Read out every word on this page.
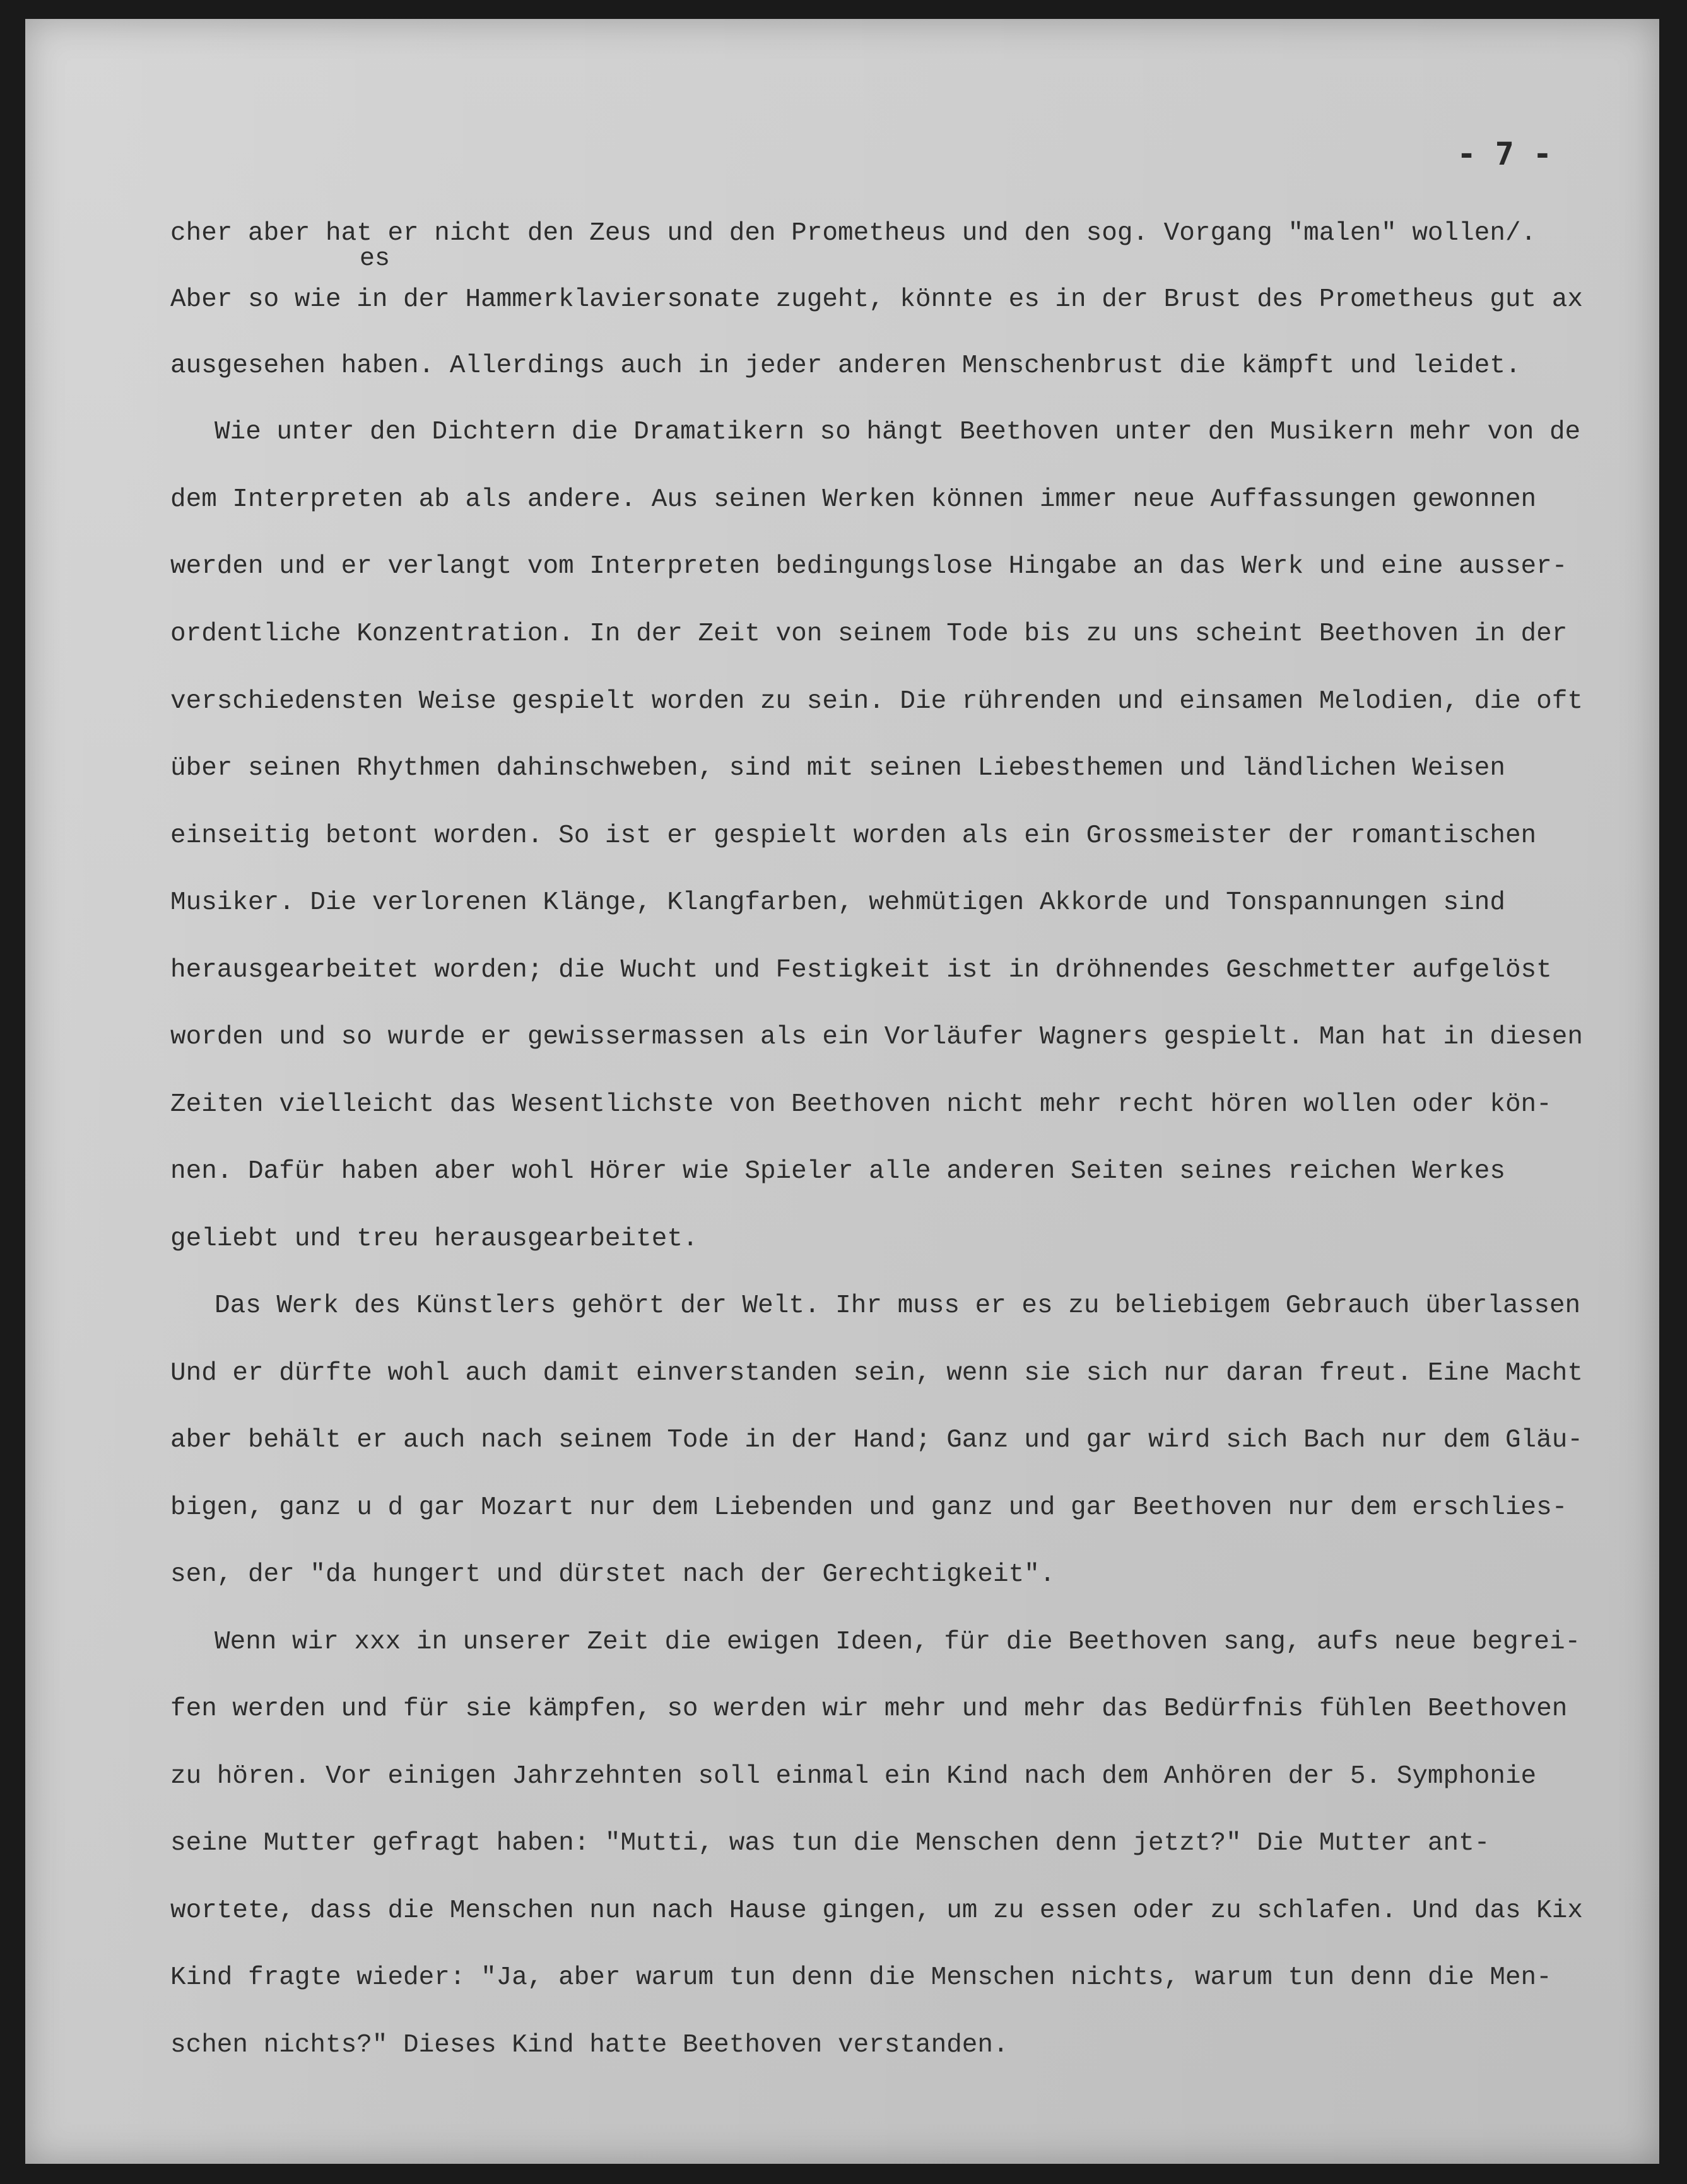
- 7 -
es
cher aber hat er nicht den Zeus und den Prometheus und den sog. Vorgang "malen" wollen/.
Aber so wie in der Hammerklaviersonate zugeht, könnte es in der Brust des Prometheus gut ax
ausgesehen haben. Allerdings auch in jeder anderen Menschenbrust die kämpft und leidet.
Wie unter den Dichtern die Dramatikern so hängt Beethoven unter den Musikern mehr von de
dem Interpreten ab als andere. Aus seinen Werken können immer neue Auffassungen gewonnen
werden und er verlangt vom Interpreten bedingungslose Hingabe an das Werk und eine ausser-
ordentliche Konzentration. In der Zeit von seinem Tode bis zu uns scheint Beethoven in der
verschiedensten Weise gespielt worden zu sein. Die rührenden und einsamen Melodien, die oft
über seinen Rhythmen dahinschweben, sind mit seinen Liebesthemen und ländlichen Weisen
einseitig betont worden. So ist er gespielt worden als ein Grossmeister der romantischen
Musiker. Die verlorenen Klänge, Klangfarben, wehmütigen Akkorde und Tonspannungen sind
herausgearbeitet worden; die Wucht und Festigkeit ist in dröhnendes Geschmetter aufgelöst
worden und so wurde er gewissermassen als ein Vorläufer Wagners gespielt. Man hat in diesen
Zeiten vielleicht das Wesentlichste von Beethoven nicht mehr recht hören wollen oder kön-
nen. Dafür haben aber wohl Hörer wie Spieler alle anderen Seiten seines reichen Werkes
geliebt und treu herausgearbeitet.
Das Werk des Künstlers gehört der Welt. Ihr muss er es zu beliebigem Gebrauch überlassen
Und er dürfte wohl auch damit einverstanden sein, wenn sie sich nur daran freut. Eine Macht
aber behält er auch nach seinem Tode in der Hand; Ganz und gar wird sich Bach nur dem Gläu-
bigen, ganz u d gar Mozart nur dem Liebenden und ganz und gar Beethoven nur dem erschlies-
sen, der "da hungert und dürstet nach der Gerechtigkeit".
Wenn wir xxx in unserer Zeit die ewigen Ideen, für die Beethoven sang, aufs neue begrei-
fen werden und für sie kämpfen, so werden wir mehr und mehr das Bedürfnis fühlen Beethoven
zu hören. Vor einigen Jahrzehnten soll einmal ein Kind nach dem Anhören der 5. Symphonie
seine Mutter gefragt haben: "Mutti, was tun die Menschen denn jetzt?" Die Mutter ant-
wortete, dass die Menschen nun nach Hause gingen, um zu essen oder zu schlafen. Und das Kix
Kind fragte wieder: "Ja, aber warum tun denn die Menschen nichts, warum tun denn die Men-
schen nichts?" Dieses Kind hatte Beethoven verstanden.
